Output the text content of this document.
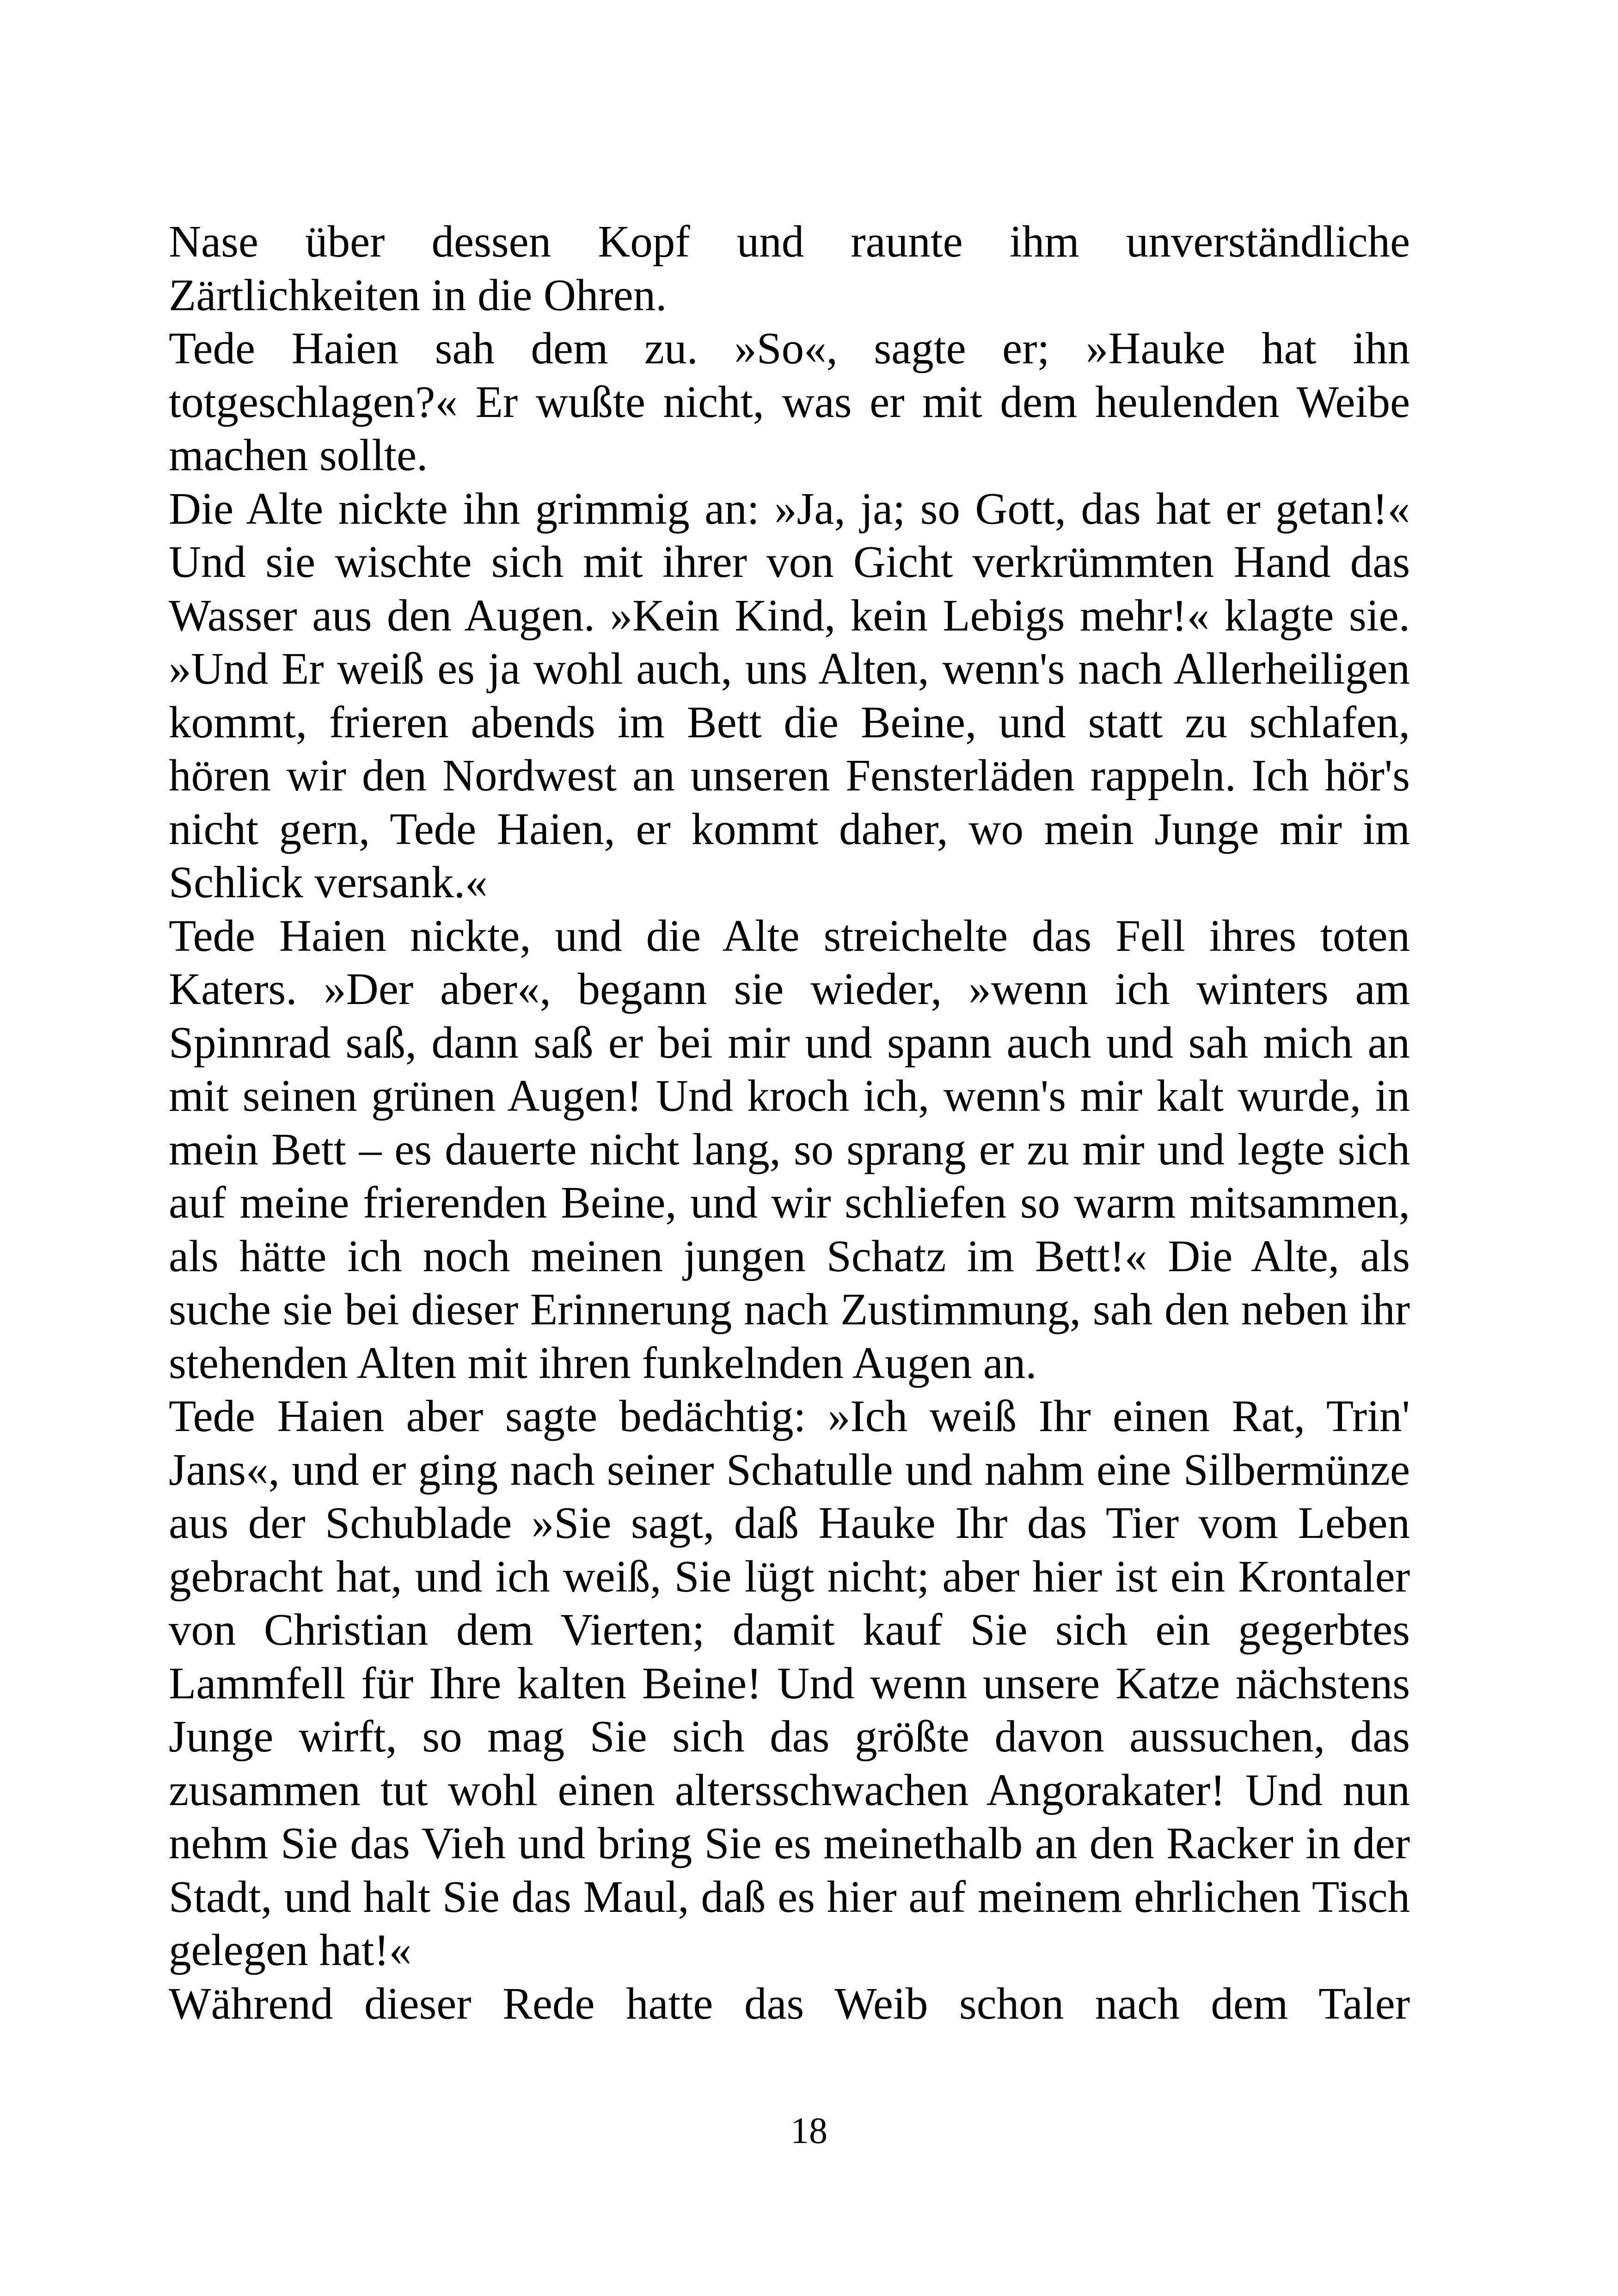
Nase über dessen Kopf und raunte ihm unverständliche Zärtlichkeiten in die Ohren.

Tede Haien sah dem zu. »So«, sagte er; »Hauke hat ihn totgeschlagen?« Er wußte nicht, was er mit dem heulenden Weibe machen sollte.

Die Alte nickte ihn grimmig an: »Ja, ja; so Gott, das hat er getan!« Und sie wischte sich mit ihrer von Gicht verkrümmten Hand das Wasser aus den Augen. »Kein Kind, kein Lebigs mehr!« klagte sie. »Und Er weiß es ja wohl auch, uns Alten, wenn's nach Allerheiligen kommt, frieren abends im Bett die Beine, und statt zu schlafen, hören wir den Nordwest an unseren Fensterläden rappeln. Ich hör's nicht gern, Tede Haien, er kommt daher, wo mein Junge mir im Schlick versank.«

Tede Haien nickte, und die Alte streichelte das Fell ihres toten Katers. »Der aber«, begann sie wieder, »wenn ich winters am Spinnrad saß, dann saß er bei mir und spann auch und sah mich an mit seinen grünen Augen! Und kroch ich, wenn's mir kalt wurde, in mein Bett – es dauerte nicht lang, so sprang er zu mir und legte sich auf meine frierenden Beine, und wir schliefen so warm mitsammen, als hätte ich noch meinen jungen Schatz im Bett!« Die Alte, als suche sie bei dieser Erinnerung nach Zustimmung, sah den neben ihr stehenden Alten mit ihren funkelnden Augen an.

Tede Haien aber sagte bedächtig: »Ich weiß Ihr einen Rat, Trin' Jans«, und er ging nach seiner Schatulle und nahm eine Silbermünze aus der Schublade »Sie sagt, daß Hauke Ihr das Tier vom Leben gebracht hat, und ich weiß, Sie lügt nicht; aber hier ist ein Krontaler von Christian dem Vierten; damit kauf Sie sich ein gegerbtes Lammfell für Ihre kalten Beine! Und wenn unsere Katze nächstens Junge wirft, so mag Sie sich das größte davon aussuchen, das zusammen tut wohl einen altersschwachen Angorakater! Und nun nehm Sie das Vieh und bring Sie es meinethalb an den Racker in der Stadt, und halt Sie das Maul, daß es hier auf meinem ehrlichen Tisch gelegen hat!«

Während dieser Rede hatte das Weib schon nach dem Taler

18
